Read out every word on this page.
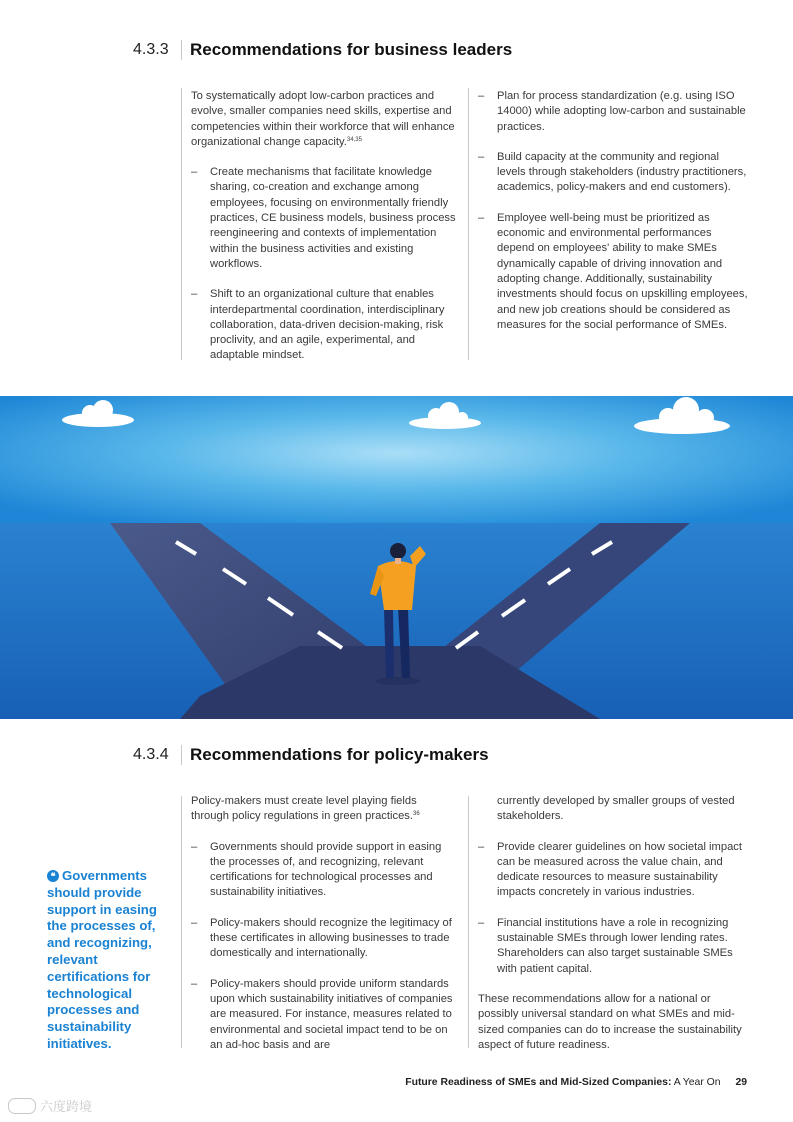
4.3.3 Recommendations for business leaders

To systematically adopt low-carbon practices and evolve, smaller companies need skills, expertise and competencies within their workforce that will enhance organizational change capacity.$^{34,35}$

– Create mechanisms that facilitate knowledge sharing, co-creation and exchange among employees, focusing on environmentally friendly practices, CE business models, business process reengineering and contexts of implementation within the business activities and existing workflows.
– Shift to an organizational culture that enables interdepartmental coordination, interdisciplinary collaboration, data-driven decision-making, risk proclivity, and an agile, experimental, and adaptable mindset.
– Plan for process standardization (e.g. using ISO 14000) while adopting low-carbon and sustainable practices.
– Build capacity at the community and regional levels through stakeholders (industry practitioners, academics, policy-makers and end customers).
– Employee well-being must be prioritized as economic and environmental performances depend on employees' ability to make SMEs dynamically capable of driving innovation and adopting change. Additionally, sustainability investments should focus on upskilling employees, and new job creations should be considered as measures for the social performance of SMEs.
4.3.4 Recommendations for policy-makers
❝ Governments should provide support in easing the processes of, and recognizing, relevant certifications for technological processes and sustainability initiatives.

Policy-makers must create level playing fields through policy regulations in green practices.$^{36}$

– Governments should provide support in easing the processes of, and recognizing, relevant certifications for technological processes and sustainability initiatives.
– Policy-makers should recognize the legitimacy of these certificates in allowing businesses to trade domestically and internationally.
– Policy-makers should provide uniform standards upon which sustainability initiatives of companies are measured. For instance, measures related to environmental and societal impact tend to be on an ad-hoc basis and are

currently developed by smaller groups of vested stakeholders.

– Provide clearer guidelines on how societal impact can be measured across the value chain, and dedicate resources to measure sustainability impacts concretely in various industries.
– Financial institutions have a role in recognizing sustainable SMEs through lower lending rates. Shareholders can also target sustainable SMEs with patient capital.

These recommendations allow for a national or possibly universal standard on what SMEs and mid-sized companies can do to increase the sustainability aspect of future readiness.

Future Readiness of SMEs and Mid-Sized Companies: A Year On 29
六度跨境
